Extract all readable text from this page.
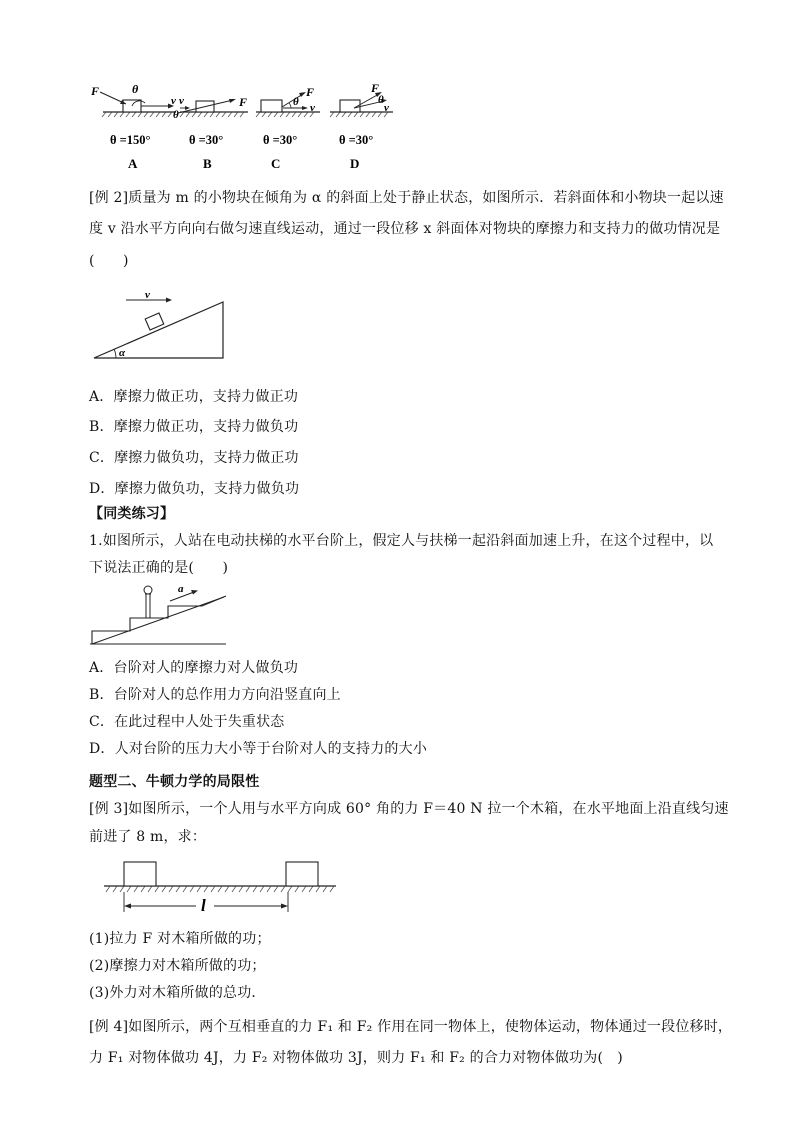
F	θ
v v
θ
F
F
θ v
F
θ
v
θ =150°	θ =30°	θ =30°	θ =30°
A	B	C	D
[例 2]质量为 m 的小物块在倾角为 α 的斜面上处于静止状态，如图所示．若斜面体和小物块一起以速
度 v 沿水平方向向右做匀速直线运动，通过一段位移 x 斜面体对物块的摩擦力和支持力的做功情况是
(　　)
v
α
A．摩擦力做正功，支持力做正功
B．摩擦力做正功，支持力做负功
C．摩擦力做负功，支持力做正功
D．摩擦力做负功，支持力做负功
【同类练习】
1.如图所示，人站在电动扶梯的水平台阶上，假定人与扶梯一起沿斜面加速上升，在这个过程中，以
下说法正确的是(　　)
a
A．台阶对人的摩擦力对人做负功
B．台阶对人的总作用力方向沿竖直向上
C．在此过程中人处于失重状态
D．人对台阶的压力大小等于台阶对人的支持力的大小
题型二、牛顿力学的局限性
[例 3]如图所示，一个人用与水平方向成 60° 角的力 F＝40 N 拉一个木箱，在水平地面上沿直线匀速
前进了 8 m，求：
l
(1)拉力 F 对木箱所做的功；
(2)摩擦力对木箱所做的功；
(3)外力对木箱所做的总功．
[例 4]如图所示，两个互相垂直的力 F₁ 和 F₂ 作用在同一物体上，使物体运动，物体通过一段位移时，
力 F₁ 对物体做功 4J，力 F₂ 对物体做功 3J，则力 F₁ 和 F₂ 的合力对物体做功为(　)
